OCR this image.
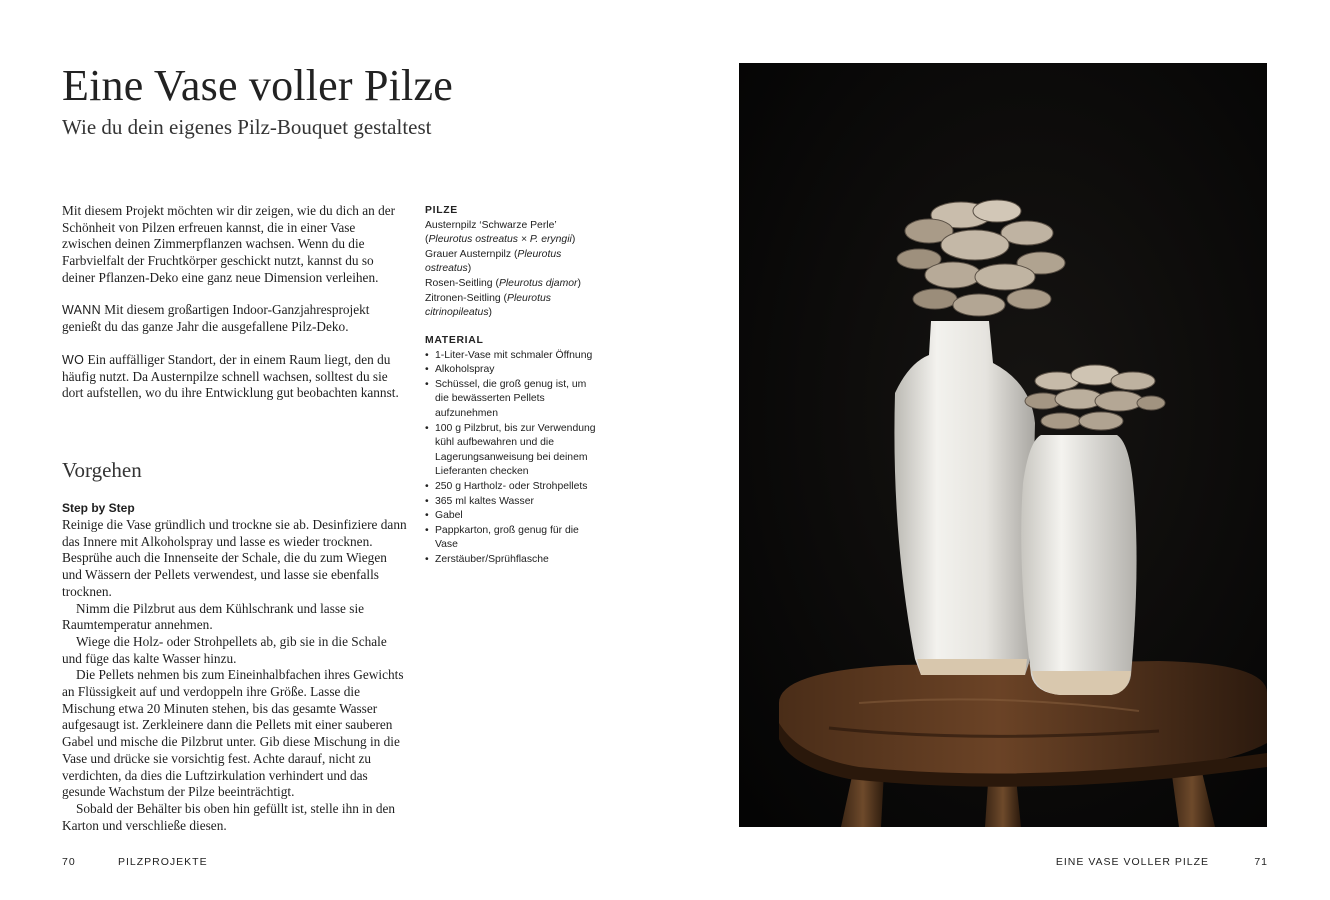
Eine Vase voller Pilze
Wie du dein eigenes Pilz-Bouquet gestaltest

Mit diesem Projekt möchten wir dir zeigen, wie du dich an der Schönheit von Pilzen erfreuen kannst, die in einer Vase zwischen deinen Zimmerpflanzen wachsen. Wenn du die Farbvielfalt der Fruchtkörper geschickt nutzt, kannst du so deiner Pflanzen-Deko eine ganz neue Dimension verleihen.

WANN Mit diesem großartigen Indoor-Ganzjahresprojekt genießt du das ganze Jahr die ausgefallene Pilz-Deko.

WO Ein auffälliger Standort, der in einem Raum liegt, den du häufig nutzt. Da Austernpilze schnell wachsen, solltest du sie dort aufstellen, wo du ihre Entwicklung gut beobachten kannst.

Vorgehen
Step by Step

Reinige die Vase gründlich und trockne sie ab. Desinfiziere dann das Innere mit Alkoholspray und lasse es wieder trocknen. Besprühe auch die Innenseite der Schale, die du zum Wiegen und Wässern der Pellets verwendest, und lasse sie ebenfalls trocknen.

Nimm die Pilzbrut aus dem Kühlschrank und lasse sie Raumtemperatur annehmen.

Wiege die Holz- oder Strohpellets ab, gib sie in die Schale und füge das kalte Wasser hinzu.

Die Pellets nehmen bis zum Eineinhalbfachen ihres Gewichts an Flüssigkeit auf und verdoppeln ihre Größe. Lasse die Mischung etwa 20 Minuten stehen, bis das gesamte Wasser aufgesaugt ist. Zerkleinere dann die Pellets mit einer sauberen Gabel und mische die Pilzbrut unter. Gib diese Mischung in die Vase und drücke sie vorsichtig fest. Achte darauf, nicht zu verdichten, da dies die Luftzirkulation verhindert und das gesunde Wachstum der Pilze beeinträchtigt.

Sobald der Behälter bis oben hin gefüllt ist, stelle ihn in den Karton und verschließe diesen.

PILZE

Austernpilz ‘Schwarze Perle’ (Pleurotus ostreatus × P. eryngii)
Grauer Austernpilz (Pleurotus ostreatus)
Rosen-Seitling (Pleurotus djamor)
Zitronen-Seitling (Pleurotus citrinopileatus)

MATERIAL

• 1-Liter-Vase mit schmaler Öffnung
• Alkoholspray
• Schüssel, die groß genug ist, um die bewässerten Pellets aufzunehmen
• 100 g Pilzbrut, bis zur Verwendung kühl aufbewahren und die Lagerungsanweisung bei deinem Lieferanten checken
• 250 g Hartholz- oder Strohpellets
• 365 ml kaltes Wasser
• Gabel
• Pappkarton, groß genug für die Vase
• Zerstäuber/Sprühflasche
70	PILZPROJEKTE	EINE VASE VOLLER PILZE	71
